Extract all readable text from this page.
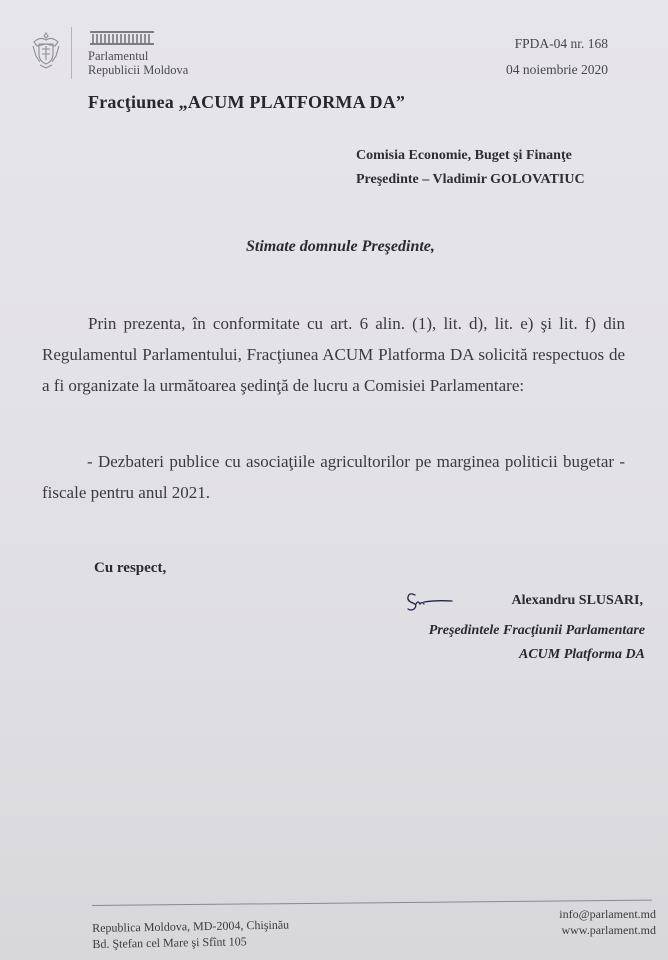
Parlamentul
Republicii Moldova
FPDA-04 nr. 168
04 noiembrie 2020
Fracţiunea „ACUM PLATFORMA DA”
Comisia Economie, Buget şi Finanţe
Preşedinte – Vladimir GOLOVATIUC
Stimate domnule Preşedinte,

Prin prezenta, în conformitate cu art. 6 alin. (1), lit. d), lit. e) şi lit. f) din Regulamentul Parlamentului, Fracţiunea ACUM Platforma DA solicită respectuos de a fi organizate la următoarea şedinţă de lucru a Comisiei Parlamentare:

- Dezbateri publice cu asociaţiile agricultorilor pe marginea politicii bugetar - fiscale pentru anul 2021.

Cu respect,
Alexandru SLUSARI,
Preşedintele Fracţiunii Parlamentare
ACUM Platforma DA
Republica Moldova, MD-2004, Chişinău
Bd. Ştefan cel Mare şi Sfînt 105
info@parlament.md
www.parlament.md
